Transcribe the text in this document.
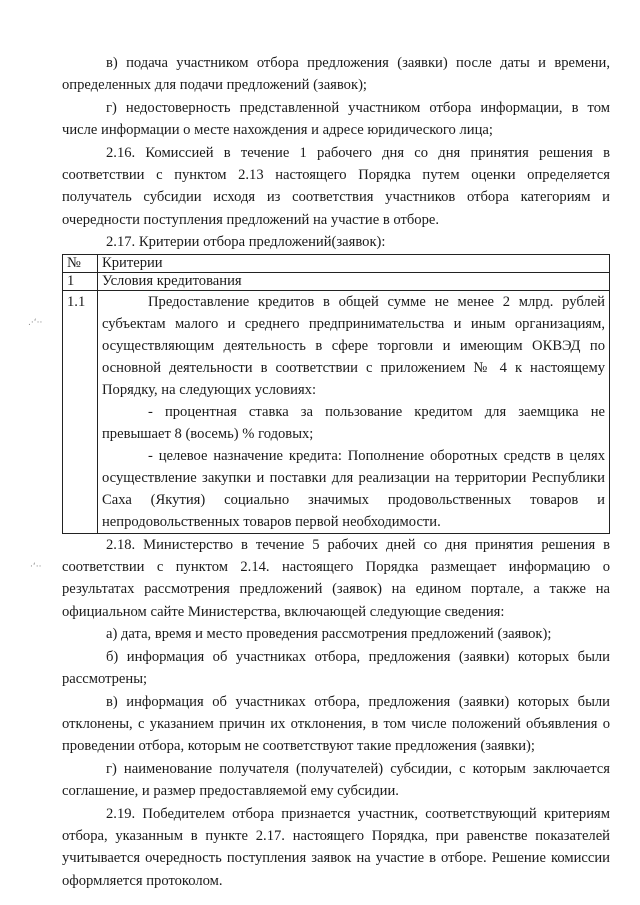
.·‘··
·‘··

в) подача участником отбора предложения (заявки) после даты и времени, определенных для подачи предложений (заявок);

г) недостоверность представленной участником отбора информации, в том числе информации о месте нахождения и адресе юридического лица;

2.16. Комиссией в течение 1 рабочего дня со дня принятия решения в соответствии с пунктом 2.13 настоящего Порядка путем оценки определяется получатель субсидии исходя из соответствия участников отбора категориям и очередности поступления предложений на участие в отборе.

2.17. Критерии отбора предложений(заявок):

№	Критерии
1	Условия кредитования
1.1	Предоставление кредитов в общей сумме не менее 2 млрд. рублей субъектам малого и среднего предпринимательства и иным организациям, осуществляющим деятельность в сфере торговли и имеющим ОКВЭД по основной деятельности в соответствии с приложением № 4 к настоящему Порядку, на следующих условиях:

- процентная ставка за пользование кредитом для заемщика не превышает 8 (восемь) % годовых;

- целевое назначение кредита: Пополнение оборотных средств в целях осуществление закупки и поставки для реализации на территории Республики Саха (Якутия) социально значимых продовольственных товаров и непродовольственных товаров первой необходимости.

2.18. Министерство в течение 5 рабочих дней со дня принятия решения в соответствии с пунктом 2.14. настоящего Порядка размещает информацию о результатах рассмотрения предложений (заявок) на едином портале, а также на официальном сайте Министерства, включающей следующие сведения:

а) дата, время и место проведения рассмотрения предложений (заявок);

б) информация об участниках отбора, предложения (заявки) которых были рассмотрены;

в) информация об участниках отбора, предложения (заявки) которых были отклонены, с указанием причин их отклонения, в том числе положений объявления о проведении отбора, которым не соответствуют такие предложения (заявки);

г) наименование получателя (получателей) субсидии, с которым заключается соглашение, и размер предоставляемой ему субсидии.

2.19. Победителем отбора признается участник, соответствующий критериям отбора, указанным в пункте 2.17. настоящего Порядка, при равенстве показателей учитывается очередность поступления заявок на участие в отборе. Решение комиссии оформляется протоколом.
